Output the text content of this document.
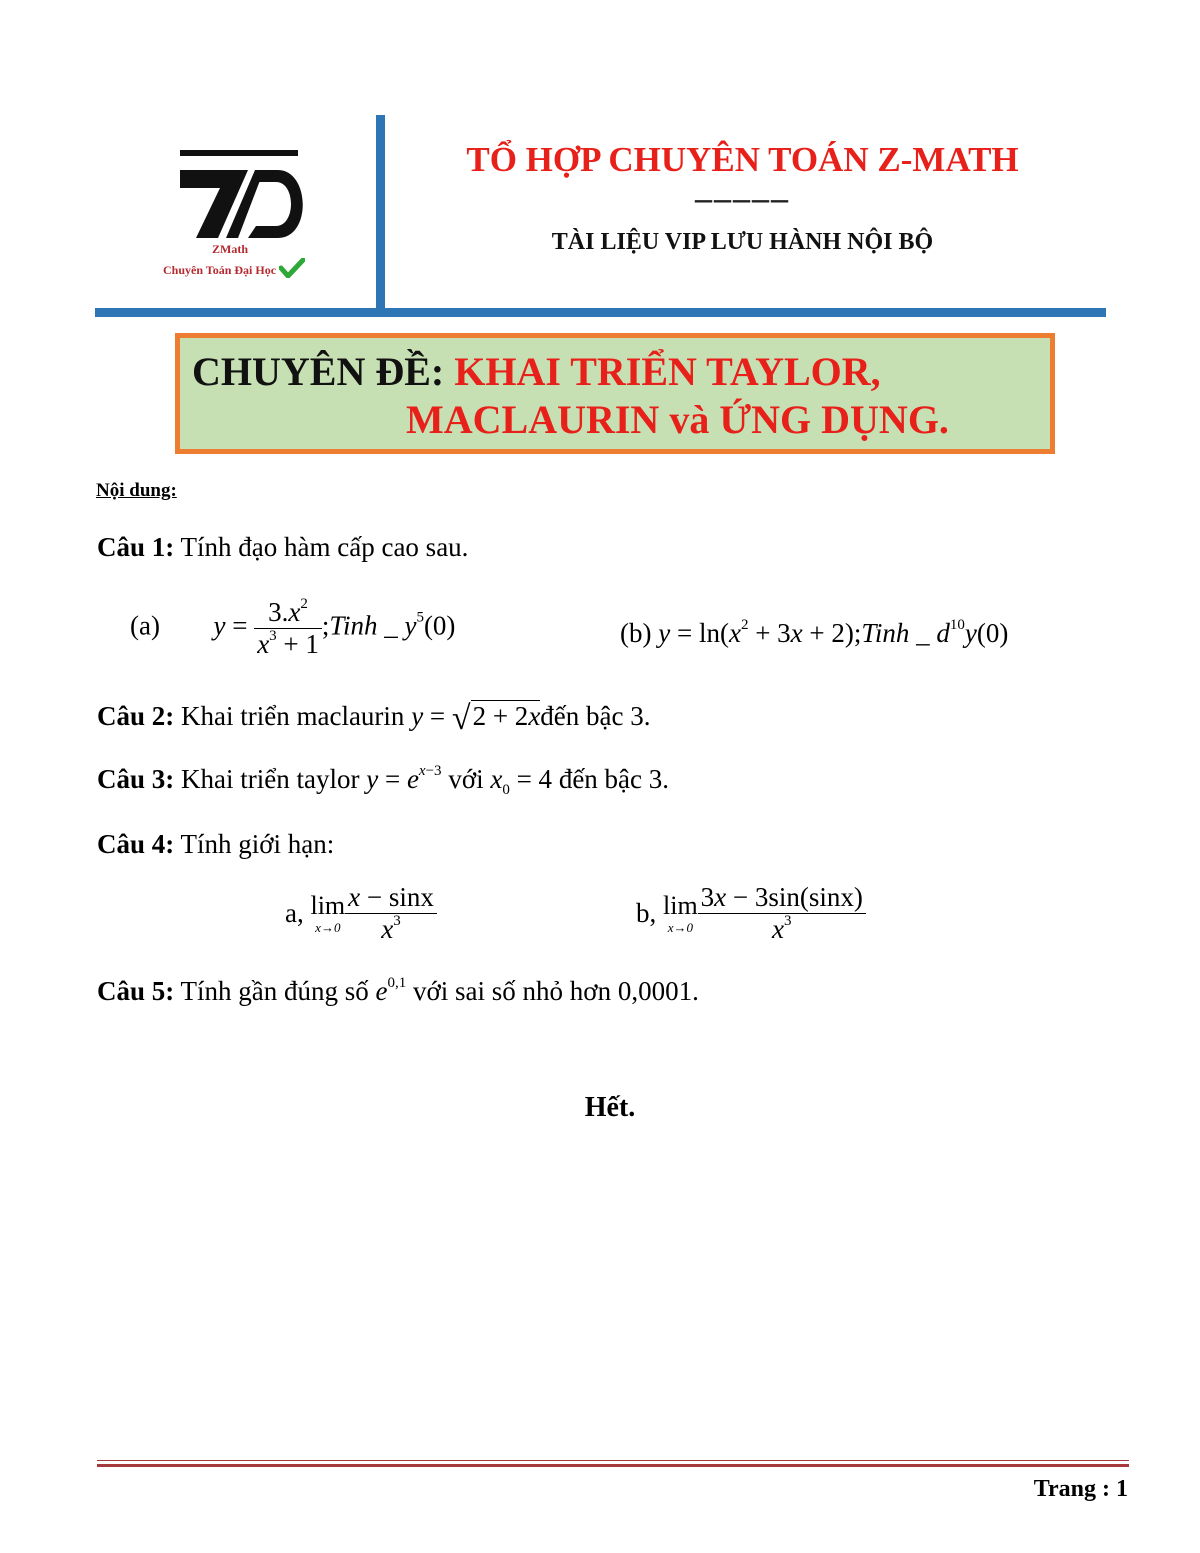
ZMath
Chuyên Toán Đại Học
TỔ HỢP CHUYÊN TOÁN Z-MATH
–––––
TÀI LIỆU VIP LƯU HÀNH NỘI BỘ
CHUYÊN ĐỀ: KHAI TRIỂN TAYLOR,
MACLAURIN và ỨNG DỤNG.
Nội dung:
Câu 1: Tính đạo hàm cấp cao sau.
(a) $y = \frac{3.x^2}{x^3 + 1}$ ;Tinh _ $y^5(0)$	(b) $y = \ln(x^2 + 3x$ + 2);Tinh _ $d^{10}y(0)$
Câu 2: Khai triển maclaurin y = √2 + 2xđến bậc 3.
Câu 3: Khai triển taylor $y = e^{x-3}$ với $x_0 = 4$ đến bậc 3.
Câu 4: Tính giới hạn:
a, lim
$x\to 0 \frac{x - \sin x}{x^3}$	b, lim
$x\to 0 \frac{3x - 3\sin(\sin x)}{x^3}$
Câu 5: Tính gần đúng số $e^{0,1}$ với sai số nhỏ hơn 0,0001.
Hết.
Trang : 1
